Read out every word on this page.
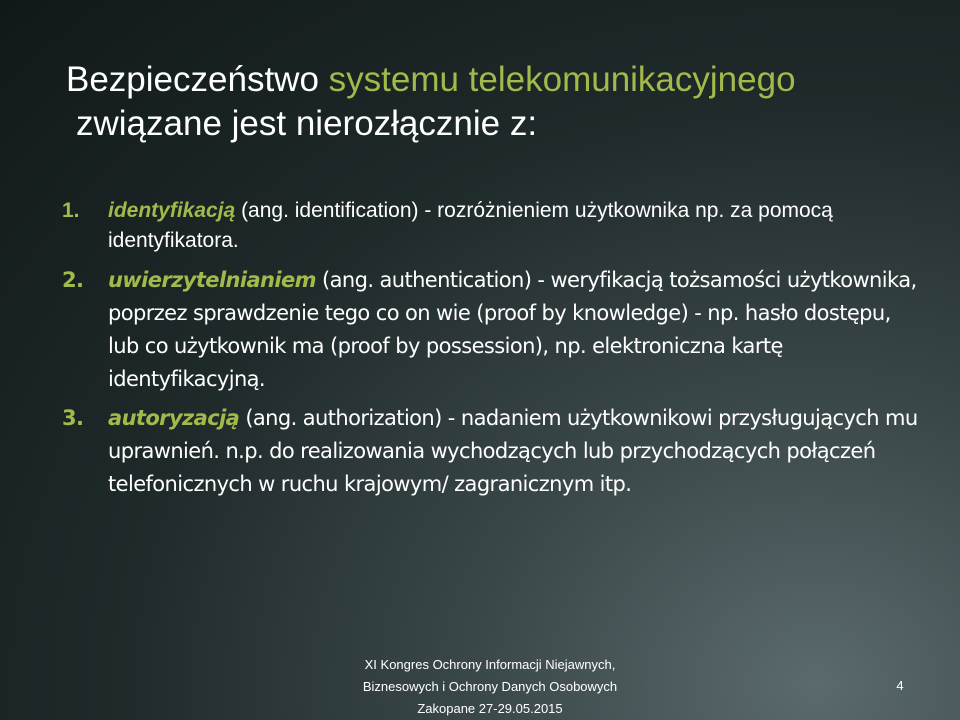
Bezpieczeństwo systemu telekomunikacyjnego
związane jest nierozłącznie z:
1. identyfikacją (ang. identification) - rozróżnieniem użytkownika np. za pomocą identyfikatora.
2. uwierzytelnianiem (ang. authentication) - weryfikacją tożsamości użytkownika, poprzez sprawdzenie tego co on wie (proof by knowledge) - np. hasło dostępu, lub co użytkownik ma (proof by possession), np. elektroniczna kartę identyfikacyjną.
3. autoryzacją (ang. authorization) - nadaniem użytkownikowi przysługujących mu uprawnień. n.p. do realizowania wychodzących lub przychodzących połączeń telefonicznych w ruchu krajowym/ zagranicznym itp.
XI Kongres Ochrony Informacji Niejawnych,
Biznesowych i Ochrony Danych Osobowych
Zakopane 27-29.05.2015
4
